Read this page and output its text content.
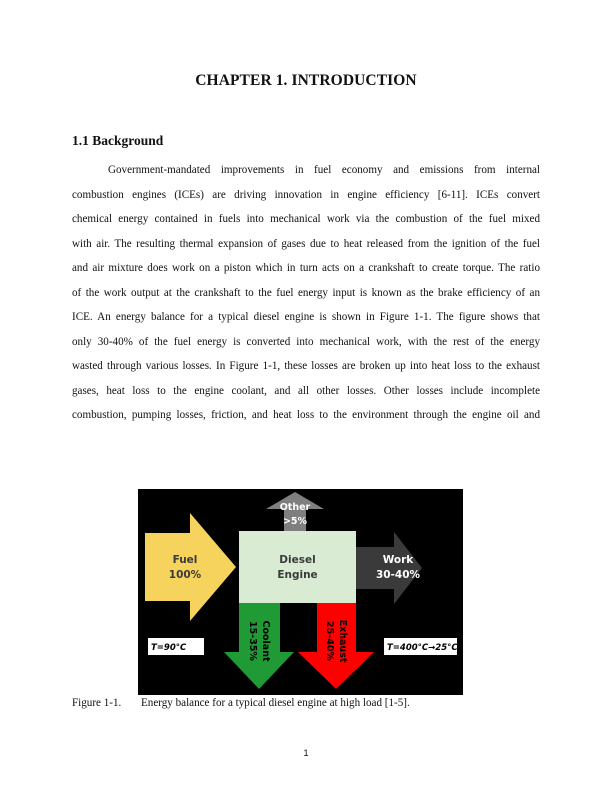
CHAPTER 1. INTRODUCTION
1.1 Background
Government-mandated improvements in fuel economy and emissions from internal
combustion engines (ICEs) are driving innovation in engine efficiency [6-11]. ICEs convert
chemical energy contained in fuels into mechanical work via the combustion of the fuel mixed
with air. The resulting thermal expansion of gases due to heat released from the ignition of the fuel
and air mixture does work on a piston which in turn acts on a crankshaft to create torque. The ratio
of the work output at the crankshaft to the fuel energy input is known as the brake efficiency of an
ICE. An energy balance for a typical diesel engine is shown in Figure 1-1. The figure shows that
only 30-40% of the fuel energy is converted into mechanical work, with the rest of the energy
wasted through various losses. In Figure 1-1, these losses are broken up into heat loss to the exhaust
gases, heat loss to the engine coolant, and all other losses. Other losses include incomplete
combustion, pumping losses, friction, and heat loss to the environment through the engine oil and
Other
>5%
Fuel
100%
Work
30-40%
Coolant
15-35%	Exhaust
25-40%
Diesel
Engine
T=90°C	T=400°C→25°C
Figure 1-1. Energy balance for a typical diesel engine at high load [1-5].
1
